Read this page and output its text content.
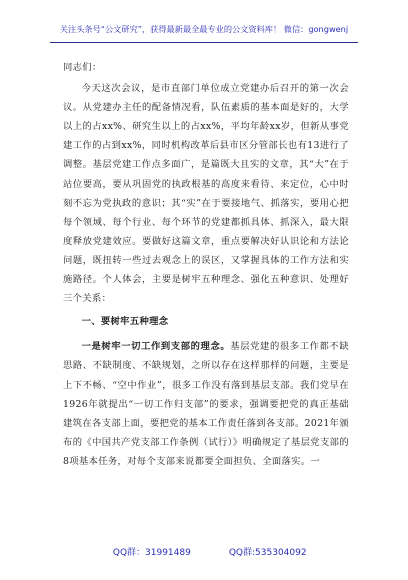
关注头条号“公文研究”，获得最新最全最专业的公文资料库！ 微信：gongwenj

同志们：

今天这次会议，是市直部门单位成立党建办后召开的第一次会议。从党建办主任的配备情况看，队伍素质的基本面是好的，大学以上的占xx%、研究生以上的占xx%，平均年龄xx岁，但新从事党建工作的占到xx%，同时机构改革后县市区分管部长也有13进行了调整。基层党建工作点多面广，是篇既大且实的文章，其“大”在于站位要高，要从巩固党的执政根基的高度来看待、来定位，心中时刻不忘为党执政的意识；其“实”在于要接地气、抓落实，要用心把每个领域、每个行业、每个环节的党建都抓具体、抓深入，最大限度释放党建效应。要做好这篇文章，重点要解决好认识论和方法论问题，既扭转一些过去观念上的误区，又掌握具体的工作方法和实施路径。个人体会，主要是树牢五种理念、强化五种意识、处理好三个关系：

一、要树牢五种理念

一是树牢一切工作到支部的理念。基层党建的很多工作都不缺思路、不缺制度、不缺规划，之所以存在这样那样的问题，主要是上下不畅、“空中作业”，很多工作没有落到基层支部。我们党早在1926年就提出“一切工作归支部”的要求，强调要把党的真正基础建筑在各支部上面，要把党的基本工作责任落到各支部。2021年颁布的《中国共产党支部工作条例（试行）》明确规定了基层党支部的8项基本任务，对每个支部来说都要全面担负、全面落实。一

QQ群：31991489	QQ群:535304092
